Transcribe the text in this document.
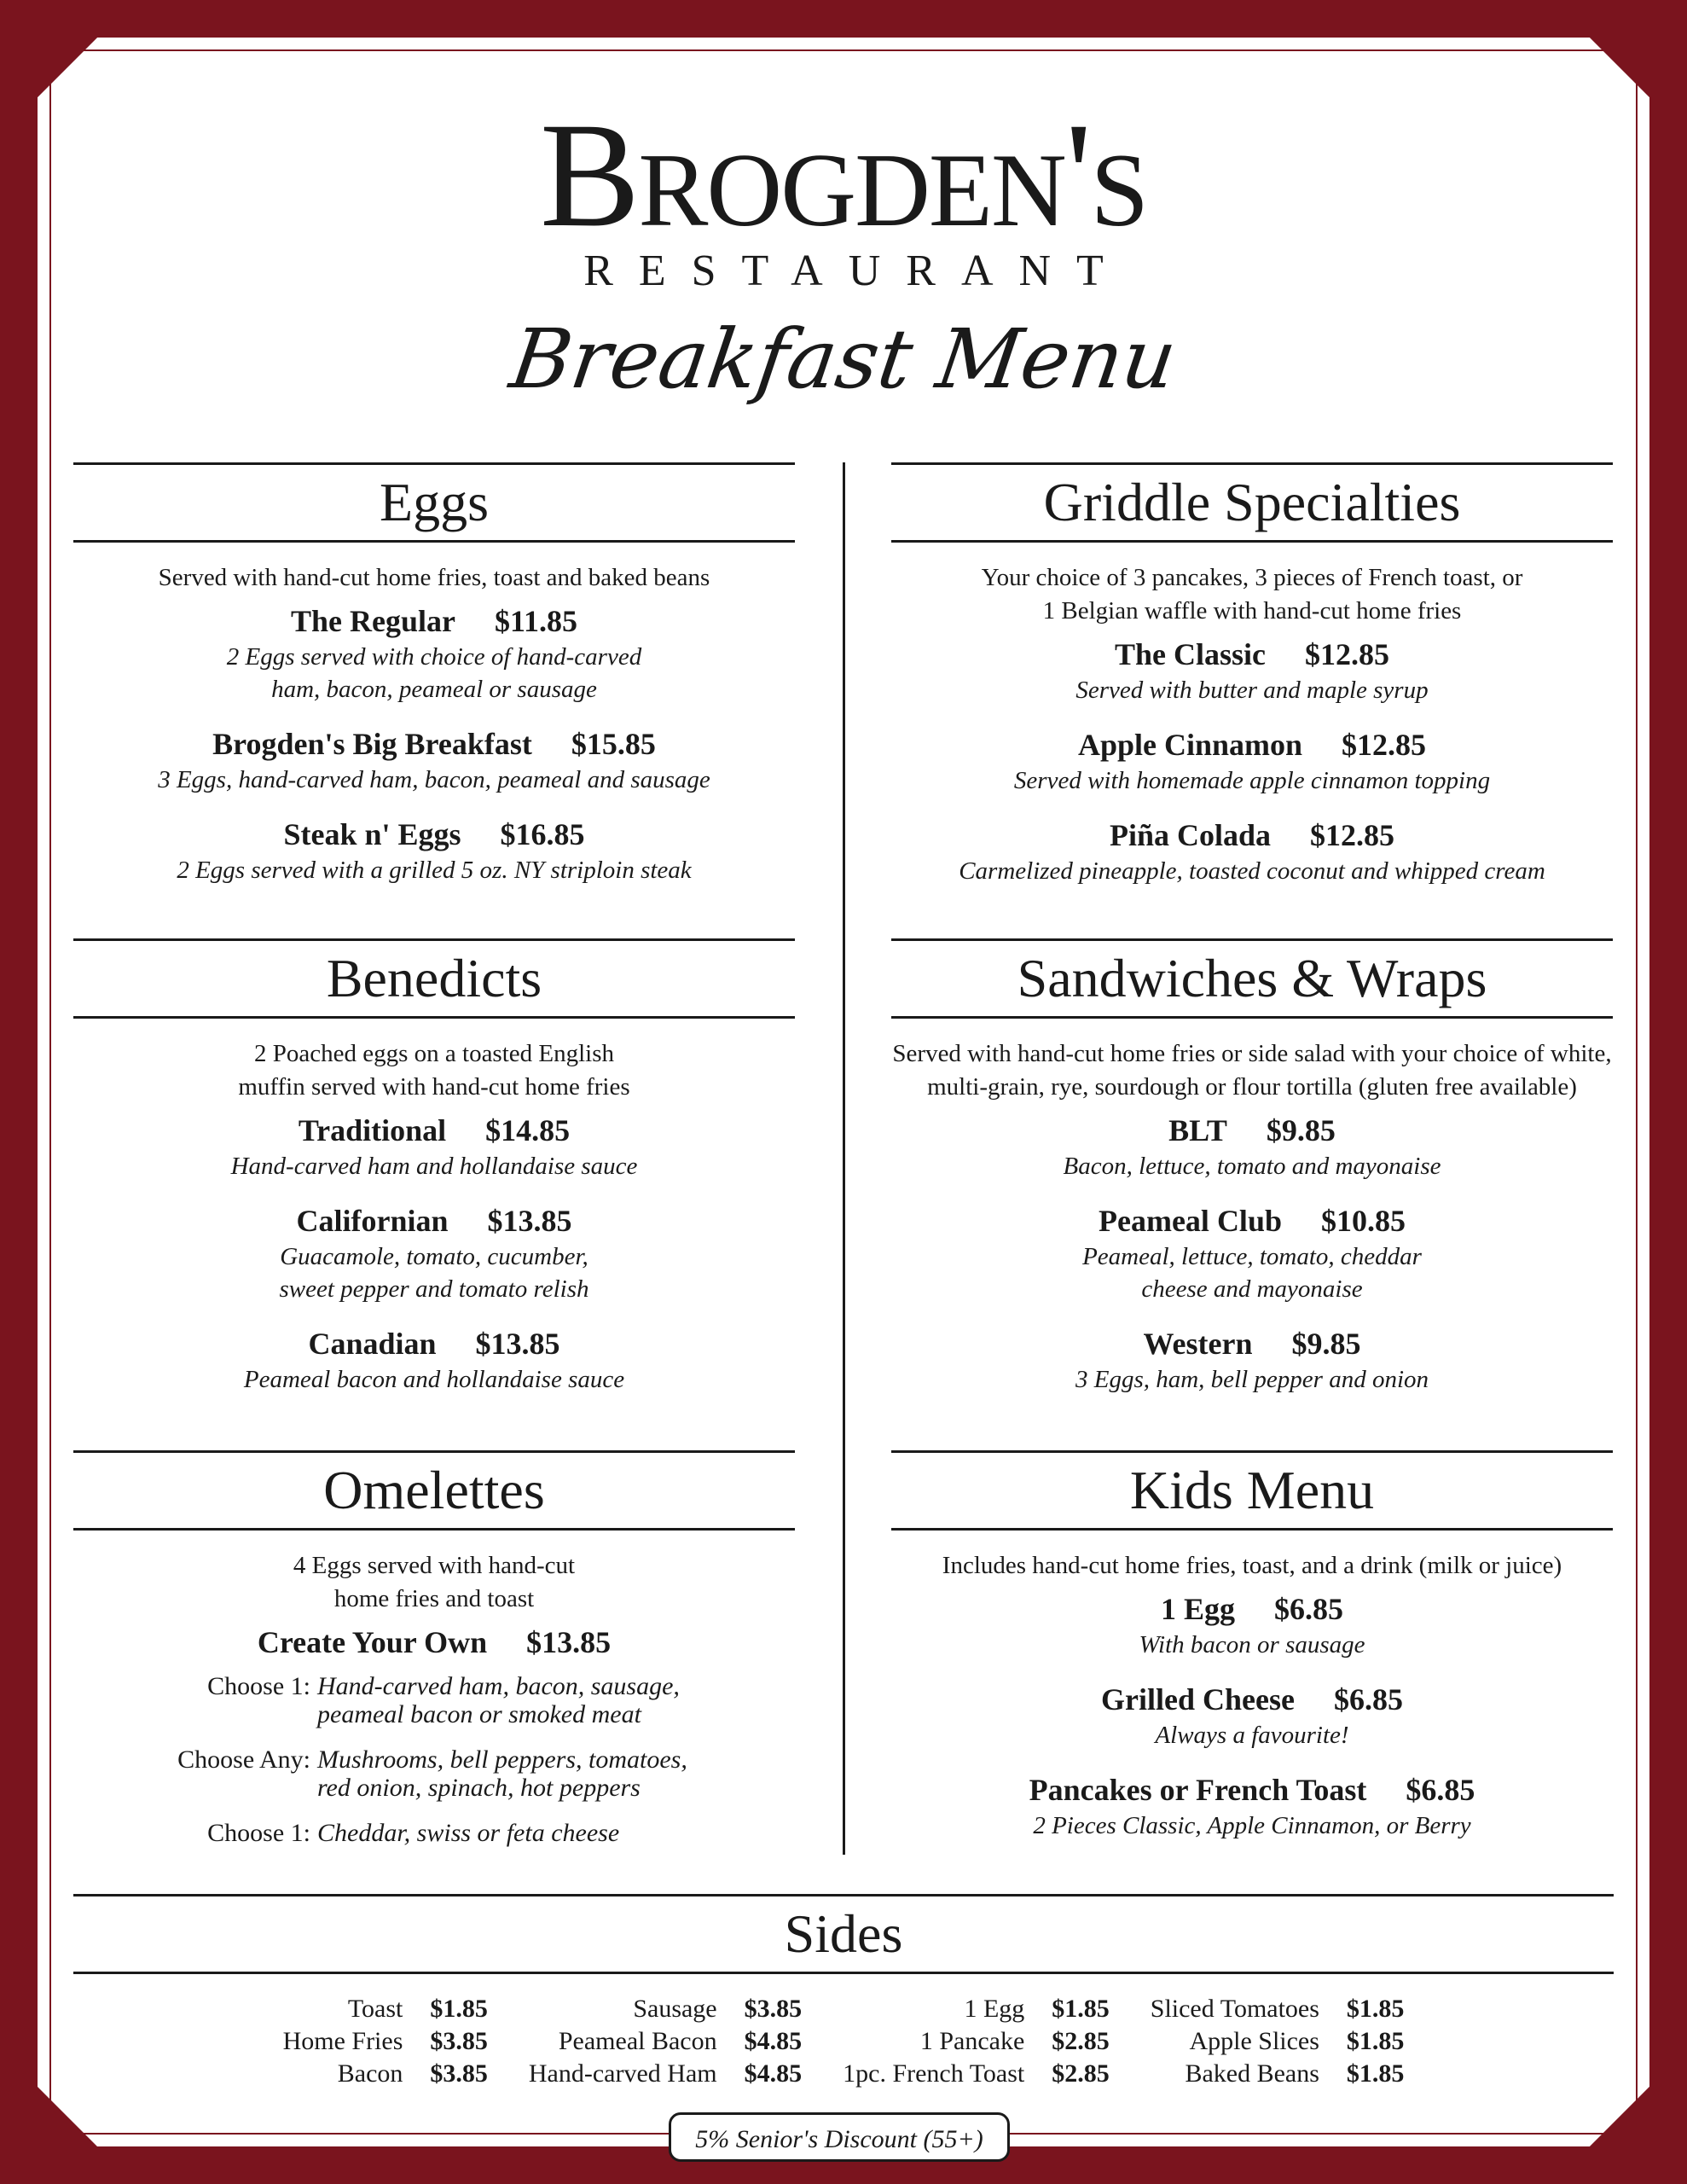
Brogden's
RESTAURANT
Breakfast Menu
Eggs
Served with hand-cut home fries, toast and baked beans
The Regular $11.85
2 Eggs served with choice of hand-carved ham, bacon, peameal or sausage
Brogden's Big Breakfast $15.85
3 Eggs, hand-carved ham, bacon, peameal and sausage
Steak n' Eggs $16.85
2 Eggs served with a grilled 5 oz. NY striploin steak
Benedicts
2 Poached eggs on a toasted English muffin served with hand-cut home fries
Traditional $14.85
Hand-carved ham and hollandaise sauce
Californian $13.85
Guacamole, tomato, cucumber, sweet pepper and tomato relish
Canadian $13.85
Peameal bacon and hollandaise sauce
Omelettes
4 Eggs served with hand-cut home fries and toast
Create Your Own $13.85
Choose 1: Hand-carved ham, bacon, sausage, peameal bacon or smoked meat
Choose Any: Mushrooms, bell peppers, tomatoes, red onion, spinach, hot peppers
Choose 1: Cheddar, swiss or feta cheese
Griddle Specialties
Your choice of 3 pancakes, 3 pieces of French toast, or 1 Belgian waffle with hand-cut home fries
The Classic $12.85
Served with butter and maple syrup
Apple Cinnamon $12.85
Served with homemade apple cinnamon topping
Piña Colada $12.85
Carmelized pineapple, toasted coconut and whipped cream
Sandwiches & Wraps
Served with hand-cut home fries or side salad with your choice of white, multi-grain, rye, sourdough or flour tortilla (gluten free available)
BLT $9.85
Bacon, lettuce, tomato and mayonaise
Peameal Club $10.85
Peameal, lettuce, tomato, cheddar cheese and mayonaise
Western $9.85
3 Eggs, ham, bell pepper and onion
Kids Menu
Includes hand-cut home fries, toast, and a drink (milk or juice)
1 Egg $6.85
With bacon or sausage
Grilled Cheese $6.85
Always a favourite!
Pancakes or French Toast $6.85
2 Pieces Classic, Apple Cinnamon, or Berry
Sides
Toast $1.85
Home Fries $3.85
Bacon $3.85
Sausage $3.85
Peameal Bacon $4.85
Hand-carved Ham $4.85
1 Egg $1.85
1 Pancake $2.85
1pc. French Toast $2.85
Sliced Tomatoes $1.85
Apple Slices $1.85
Baked Beans $1.85
5% Senior's Discount (55+)
